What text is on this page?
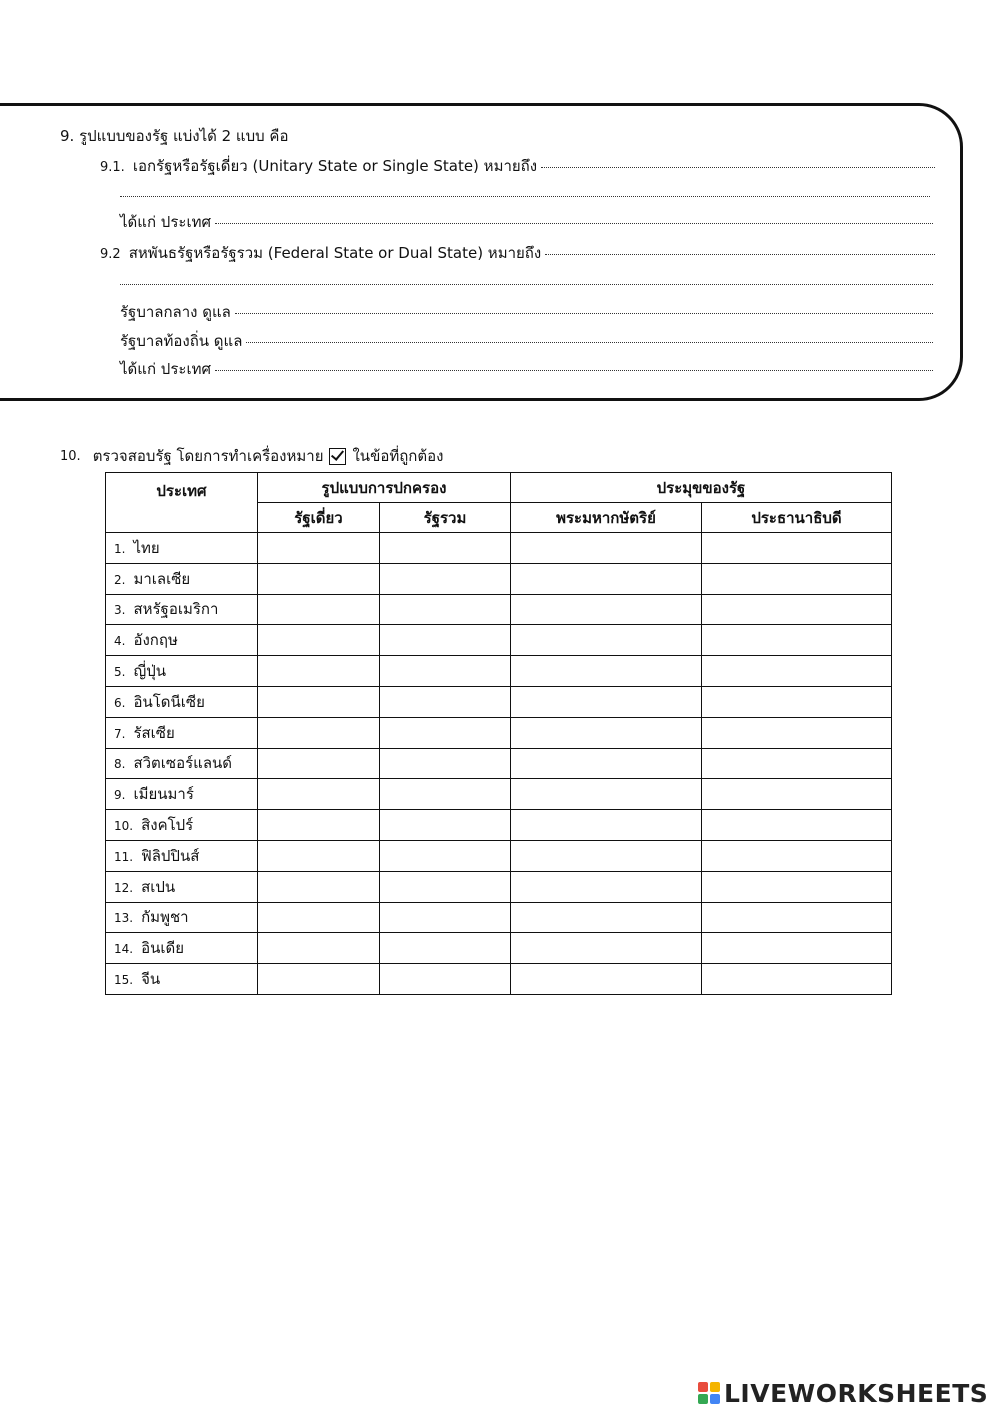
9. รูปแบบของรัฐ แบ่งได้ 2 แบบ คือ
9.1. เอกรัฐหรือรัฐเดี่ยว (Unitary State or Single State) หมายถึง
ได้แก่ ประเทศ
9.2 สหพันธรัฐหรือรัฐรวม (Federal State or Dual State) หมายถึง
รัฐบาลกลาง ดูแล
รัฐบาลท้องถิ่น ดูแล
ได้แก่ ประเทศ
10. ตรวจสอบรัฐ โดยการทำเครื่องหมาย ในข้อที่ถูกต้อง
ประเทศ	รูปแบบการปกครอง		ประมุขของรัฐ	
	รัฐเดี่ยว	รัฐรวม	พระมหากษัตริย์	ประธานาธิบดี
1. ไทย				
2. มาเลเซีย				
3. สหรัฐอเมริกา				
4. อังกฤษ				
5. ญี่ปุ่น				
6. อินโดนีเซีย				
7. รัสเซีย				
8. สวิตเซอร์แลนด์				
9. เมียนมาร์				
10. สิงคโปร์				
11. ฟิลิปปินส์				
12. สเปน				
13. กัมพูชา				
14. อินเดีย				
15. จีน				
LIVEWORKSHEETS
